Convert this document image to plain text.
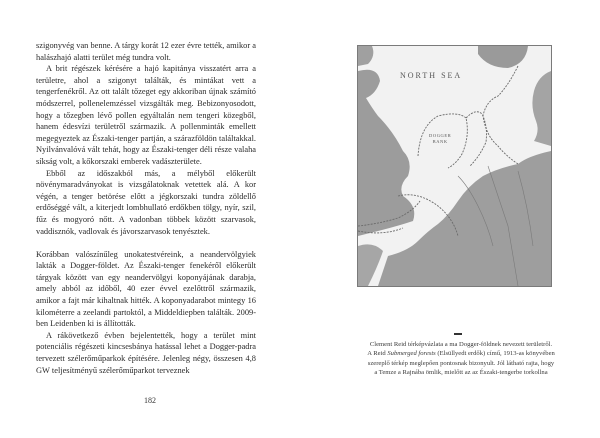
szigonyvég van benne. A tárgy korát 12 ezer évre tették, amikor a halászhajó alatti terület még tundra volt.

A brit régészek kérésére a hajó kapitánya visszatért arra a területre, ahol a szigonyt találták, és mintákat vett a tengerfenékről. Az ott talált tőzeget egy akkoriban újnak számító módszerrel, pollenelemzéssel vizsgálták meg. Bebizonyosodott, hogy a tőzegben lévő pollen egyáltalán nem tengeri közegből, hanem édesvízi területről származik. A pollenminták emellett megegyeztek az Északi-tenger partján, a szárazföldön találtakkal. Nyilvánvalóvá vált tehát, hogy az Északi-tenger déli része valaha síkság volt, a kőkorszaki emberek vadászterülete.

Ebből az időszakból más, a mélyből előkerült növénymaradványokat is vizsgálatoknak vetettek alá. A kor végén, a tenger betörése előtt a jégkorszaki tundra zöldellő erdőséggé vált, a kiterjedt lombhullató erdőkben tölgy, nyír, szil, fűz és mogyoró nőtt. A vadonban többek között szarvasok, vaddisznók, vadlovak és jávorszarvasok tenyésztek.

Korábban valószínűleg unokatestvéreink, a neandervölgyiek lakták a Dogger-földet. Az Északi-tenger fenekéről előkerült tárgyak között van egy neandervölgyi koponyájának darabja, amely abból az időből, 40 ezer évvel ezelőttről származik, amikor a fajt már kihaltnak hitték. A koponyadarabot mintegy 16 kilométerre a zeelandi partoktól, a Middeldiepben találták. 2009-ben Leidenben ki is állították.

A rákövetkező évben bejelentették, hogy a terület mint potenciális régészeti kincsesbánya hatással lehet a Dogger-padra tervezett szélerőműparkok építésére. Jelenleg négy, összesen 4,8 GW teljesítményű szélerőműparkot terveznek

182
NORTH SEA
DOGGER
BANK

Clement Reid térképvázlata a ma Dogger-földnek nevezett területről.

A Reid Submerged forests (Elsüllyedt erdők) című, 1913-as könyvében

szereplő térkép meglepően pontosnak bizonyult. Jól látható rajta, hogy

a Temze a Rajnába ömlik, mielőtt az az Északi-tengerbe torkollna
